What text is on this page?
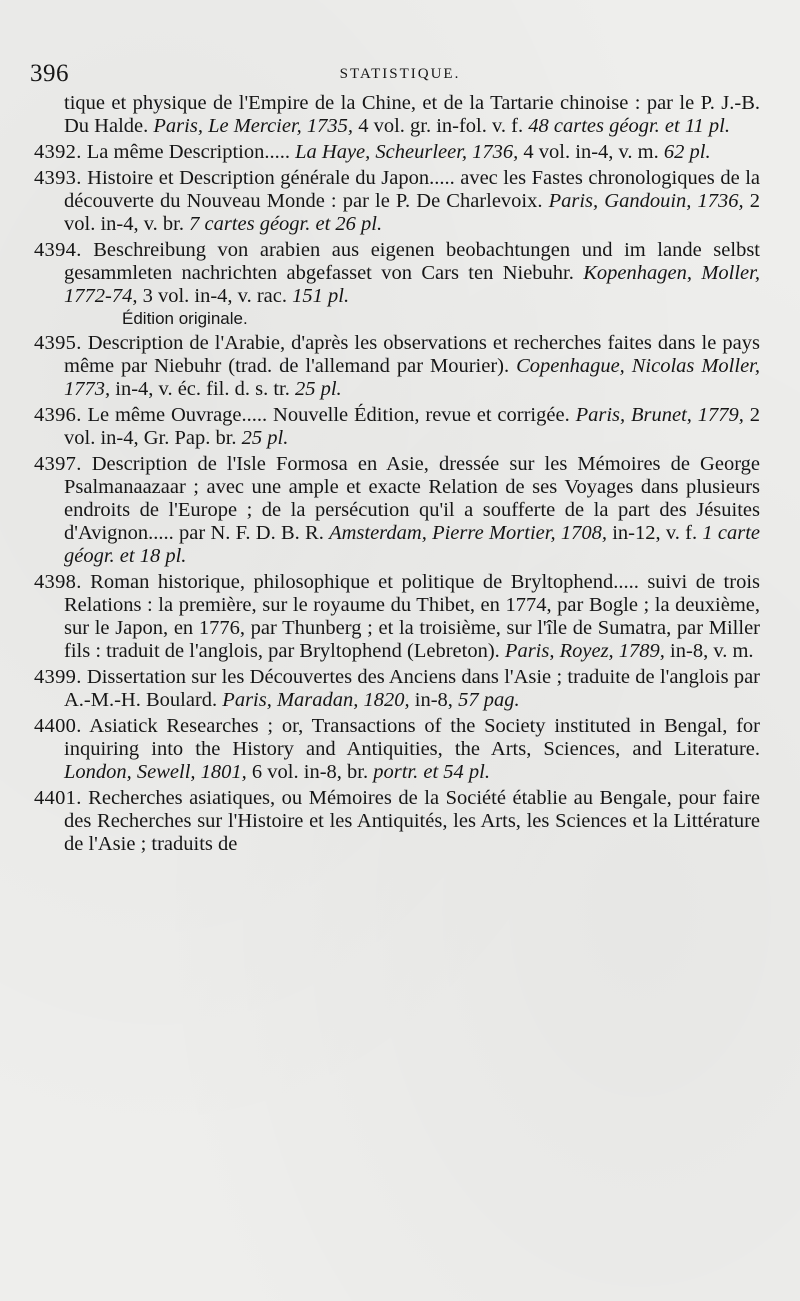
396	STATISTIQUE.

tique et physique de l'Empire de la Chine, et de la Tartarie chinoise : par le P. J.-B. Du Halde. Paris, Le Mercier, 1735, 4 vol. gr. in-fol. v. f. 48 cartes géogr. et 11 pl.

4392. La même Description..... La Haye, Scheurleer, 1736, 4 vol. in-4, v. m. 62 pl.

4393. Histoire et Description générale du Japon..... avec les Fastes chronologiques de la découverte du Nouveau Monde : par le P. De Charlevoix. Paris, Gandouin, 1736, 2 vol. in-4, v. br. 7 cartes géogr. et 26 pl.

4394. Beschreibung von arabien aus eigenen beobachtungen und im lande selbst gesammleten nachrichten abgefasset von Cars ten Niebuhr. Kopenhagen, Moller, 1772-74, 3 vol. in-4, v. rac. 151 pl.
Édition originale.

4395. Description de l'Arabie, d'après les observations et recherches faites dans le pays même par Niebuhr (trad. de l'allemand par Mourier). Copenhague, Nicolas Moller, 1773, in-4, v. éc. fil. d. s. tr. 25 pl.

4396. Le même Ouvrage..... Nouvelle Édition, revue et corrigée. Paris, Brunet, 1779, 2 vol. in-4, Gr. Pap. br. 25 pl.

4397. Description de l'Isle Formosa en Asie, dressée sur les Mémoires de George Psalmanaazaar ; avec une ample et exacte Relation de ses Voyages dans plusieurs endroits de l'Europe ; de la persécution qu'il a soufferte de la part des Jésuites d'Avignon..... par N. F. D. B. R. Amsterdam, Pierre Mortier, 1708, in-12, v. f. 1 carte géogr. et 18 pl.

4398. Roman historique, philosophique et politique de Bryltophend..... suivi de trois Relations : la première, sur le royaume du Thibet, en 1774, par Bogle ; la deuxième, sur le Japon, en 1776, par Thunberg ; et la troisième, sur l'île de Sumatra, par Miller fils : traduit de l'anglois, par Bryltophend (Lebreton). Paris, Royez, 1789, in-8, v. m.

4399. Dissertation sur les Découvertes des Anciens dans l'Asie ; traduite de l'anglois par A.-M.-H. Boulard. Paris, Maradan, 1820, in-8, 57 pag.

4400. Asiatick Researches ; or, Transactions of the Society instituted in Bengal, for inquiring into the History and Antiquities, the Arts, Sciences, and Literature. London, Sewell, 1801, 6 vol. in-8, br. portr. et 54 pl.

4401. Recherches asiatiques, ou Mémoires de la Société établie au Bengale, pour faire des Recherches sur l'Histoire et les Antiquités, les Arts, les Sciences et la Littérature de l'Asie ; traduits de
